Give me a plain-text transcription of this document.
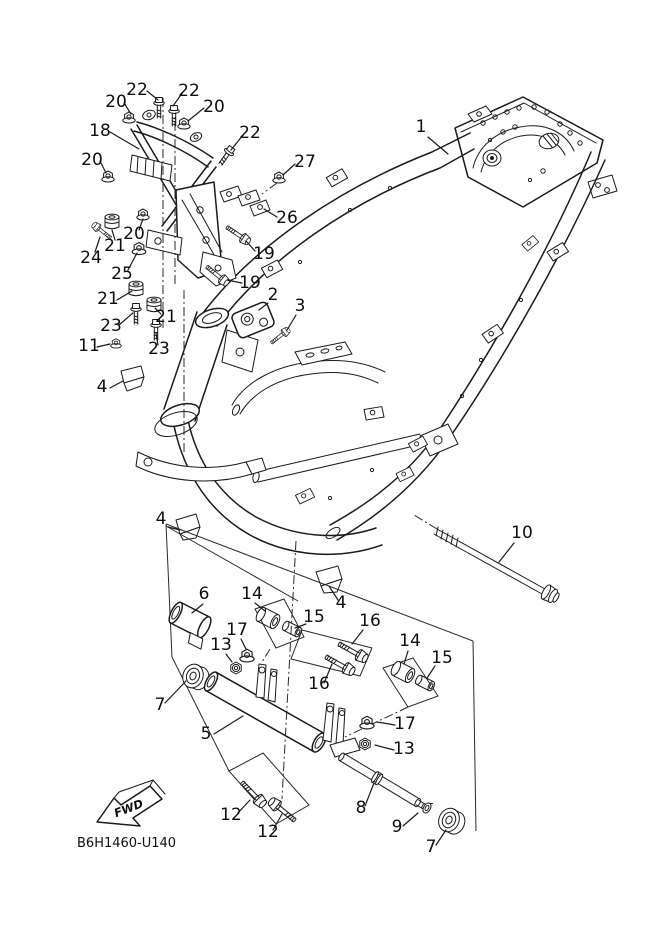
22 22
20	20
18	22
20	27
26
20
21
24	19
25	19
21
23 21
23
11
2
3
4
1
4
4
10
6 14
15 16
14
15
17
13
7
16
5	17
13
12
12
8
9
7
FWD
B6H1460-U140
